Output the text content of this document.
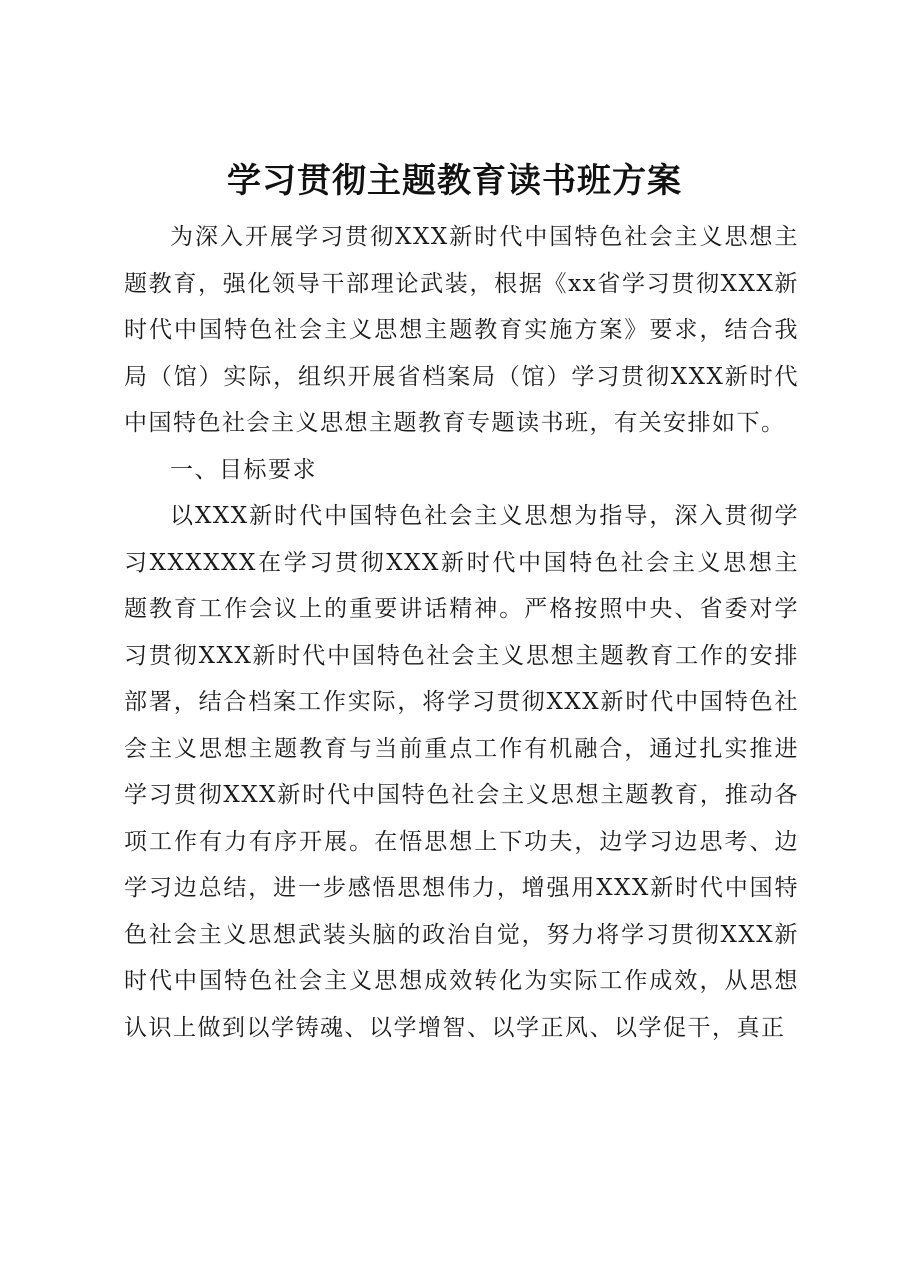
学习贯彻主题教育读书班方案

为深入开展学习贯彻XXX新时代中国特色社会主义思想主题教育，强化领导干部理论武装，根据《xx省学习贯彻XXX新时代中国特色社会主义思想主题教育实施方案》要求，结合我局（馆）实际，组织开展省档案局（馆）学习贯彻XXX新时代中国特色社会主义思想主题教育专题读书班，有关安排如下。

一、目标要求

以XXX新时代中国特色社会主义思想为指导，深入贯彻学习XXXXXX在学习贯彻XXX新时代中国特色社会主义思想主题教育工作会议上的重要讲话精神。严格按照中央、省委对学习贯彻XXX新时代中国特色社会主义思想主题教育工作的安排部署，结合档案工作实际，将学习贯彻XXX新时代中国特色社会主义思想主题教育与当前重点工作有机融合，通过扎实推进学习贯彻XXX新时代中国特色社会主义思想主题教育，推动各项工作有力有序开展。在悟思想上下功夫，边学习边思考、边学习边总结，进一步感悟思想伟力，增强用XXX新时代中国特色社会主义思想武装头脑的政治自觉，努力将学习贯彻XXX新时代中国特色社会主义思想成效转化为实际工作成效，从思想认识上做到以学铸魂、以学增智、以学正风、以学促干，真正
